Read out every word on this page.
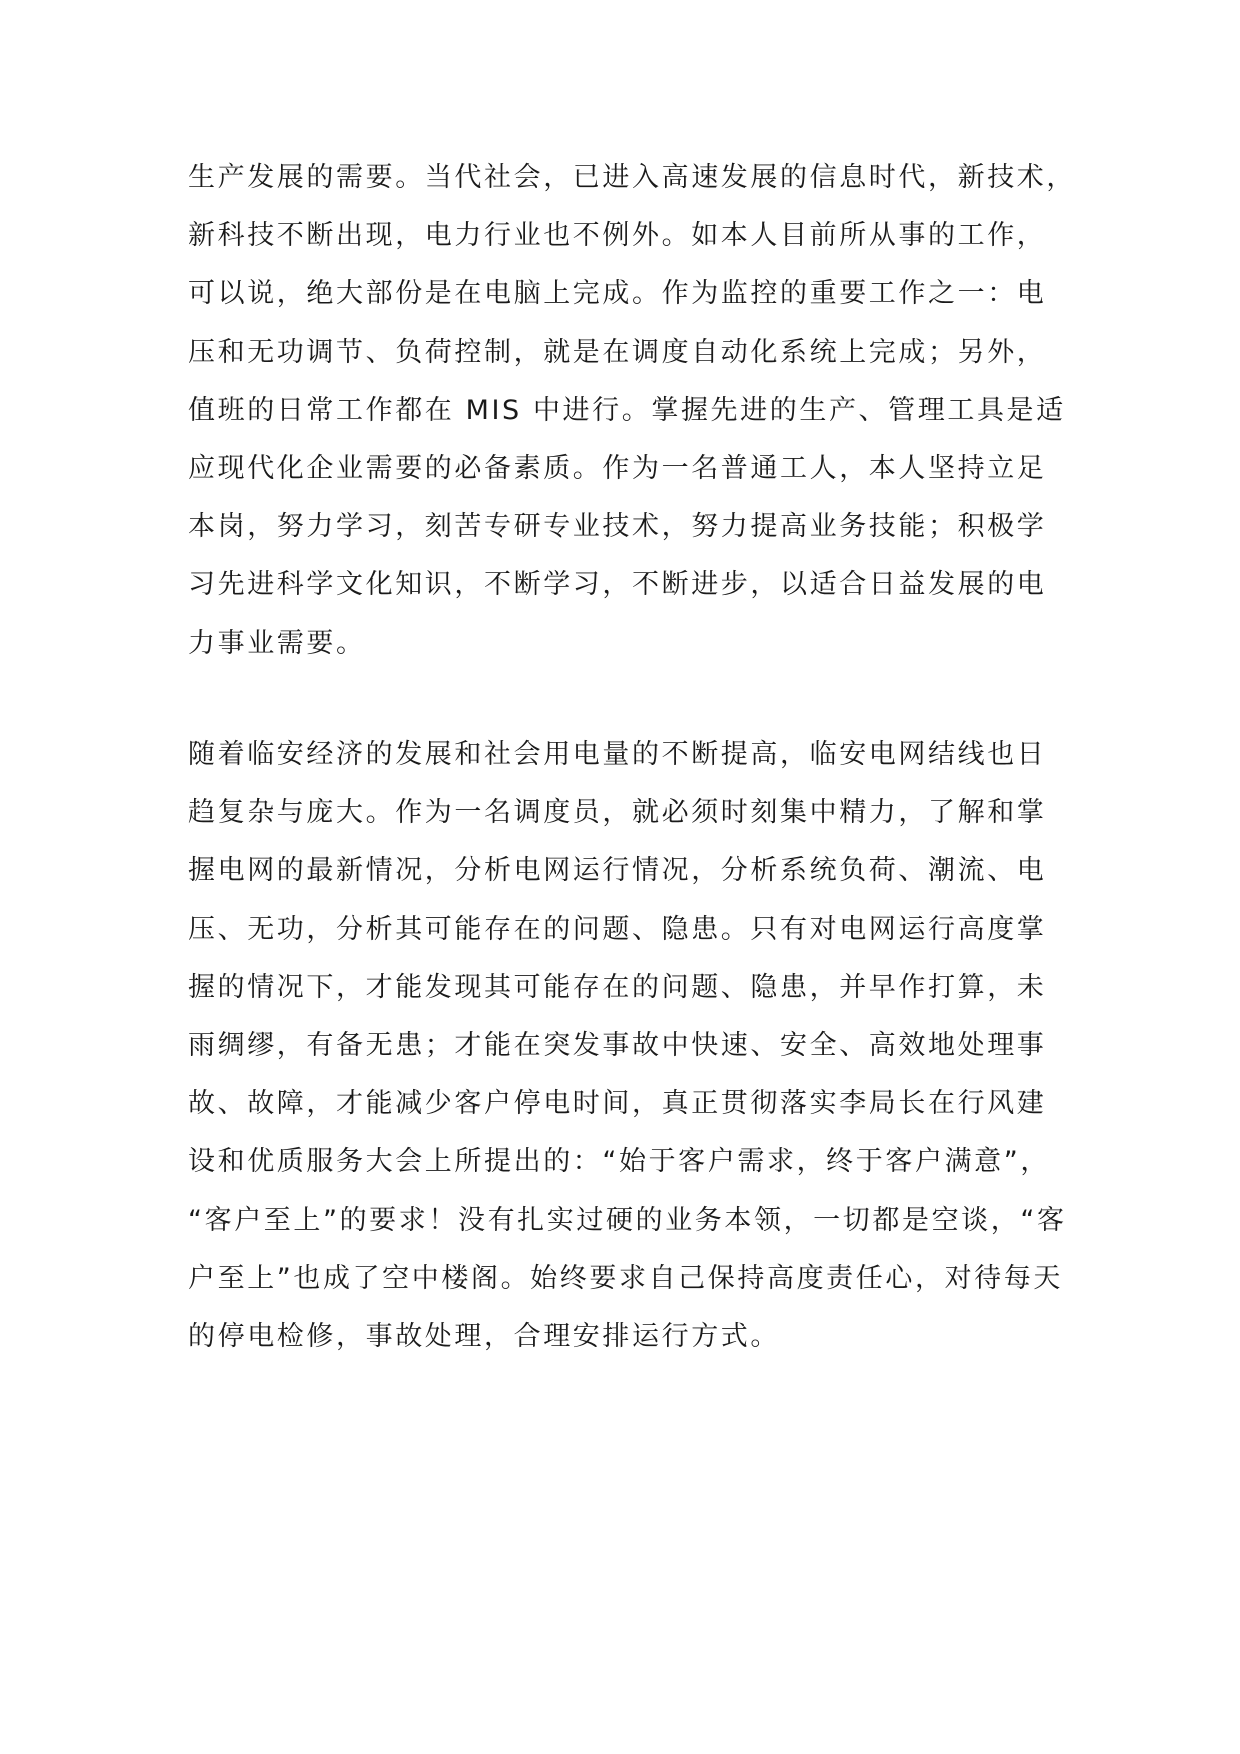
生产发展的需要。当代社会，已进入高速发展的信息时代，新技术，
新科技不断出现，电力行业也不例外。如本人目前所从事的工作，
可以说，绝大部份是在电脑上完成。作为监控的重要工作之一：电
压和无功调节、负荷控制，就是在调度自动化系统上完成；另外，
值班的日常工作都在 MIS 中进行。掌握先进的生产、管理工具是适
应现代化企业需要的必备素质。作为一名普通工人，本人坚持立足
本岗，努力学习，刻苦专研专业技术，努力提高业务技能；积极学
习先进科学文化知识，不断学习，不断进步，以适合日益发展的电
力事业需要。
随着临安经济的发展和社会用电量的不断提高，临安电网结线也日
趋复杂与庞大。作为一名调度员，就必须时刻集中精力，了解和掌
握电网的最新情况，分析电网运行情况，分析系统负荷、潮流、电
压、无功，分析其可能存在的问题、隐患。只有对电网运行高度掌
握的情况下，才能发现其可能存在的问题、隐患，并早作打算，未
雨绸缪，有备无患；才能在突发事故中快速、安全、高效地处理事
故、故障，才能减少客户停电时间，真正贯彻落实李局长在行风建
设和优质服务大会上所提出的：“始于客户需求，终于客户满意”，
“客户至上”的要求！没有扎实过硬的业务本领，一切都是空谈，“客
户至上”也成了空中楼阁。始终要求自己保持高度责任心，对待每天
的停电检修，事故处理，合理安排运行方式。
